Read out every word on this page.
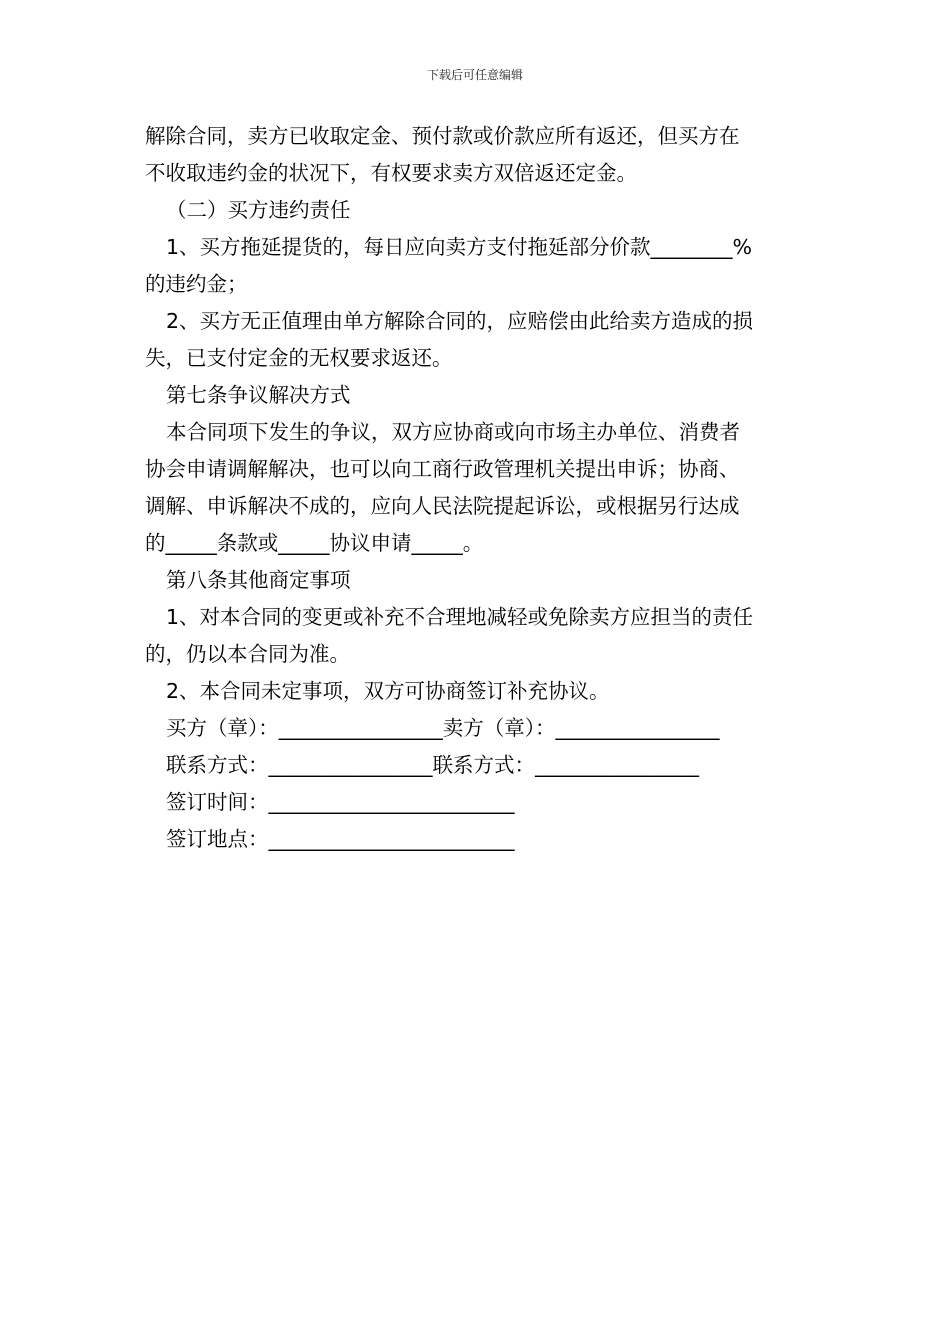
下载后可任意编辑
解除合同，卖方已收取定金、预付款或价款应所有返还，但买方在
不收取违约金的状况下，有权要求卖方双倍返还定金。
（二）买方违约责任
1、买方拖延提货的，每日应向卖方支付拖延部分价款________%
的违约金；
2、买方无正值理由单方解除合同的，应赔偿由此给卖方造成的损
失，已支付定金的无权要求返还。
第七条争议解决方式
本合同项下发生的争议，双方应协商或向市场主办单位、消费者
协会申请调解解决，也可以向工商行政管理机关提出申诉；协商、
调解、申诉解决不成的，应向人民法院提起诉讼，或根据另行达成
的_____条款或_____协议申请_____。
第八条其他商定事项
1、对本合同的变更或补充不合理地减轻或免除卖方应担当的责任
的，仍以本合同为准。
2、本合同未定事项，双方可协商签订补充协议。
买方（章）：________________卖方（章）：________________
联系方式：________________联系方式：________________
签订时间：________________________
签订地点：________________________
